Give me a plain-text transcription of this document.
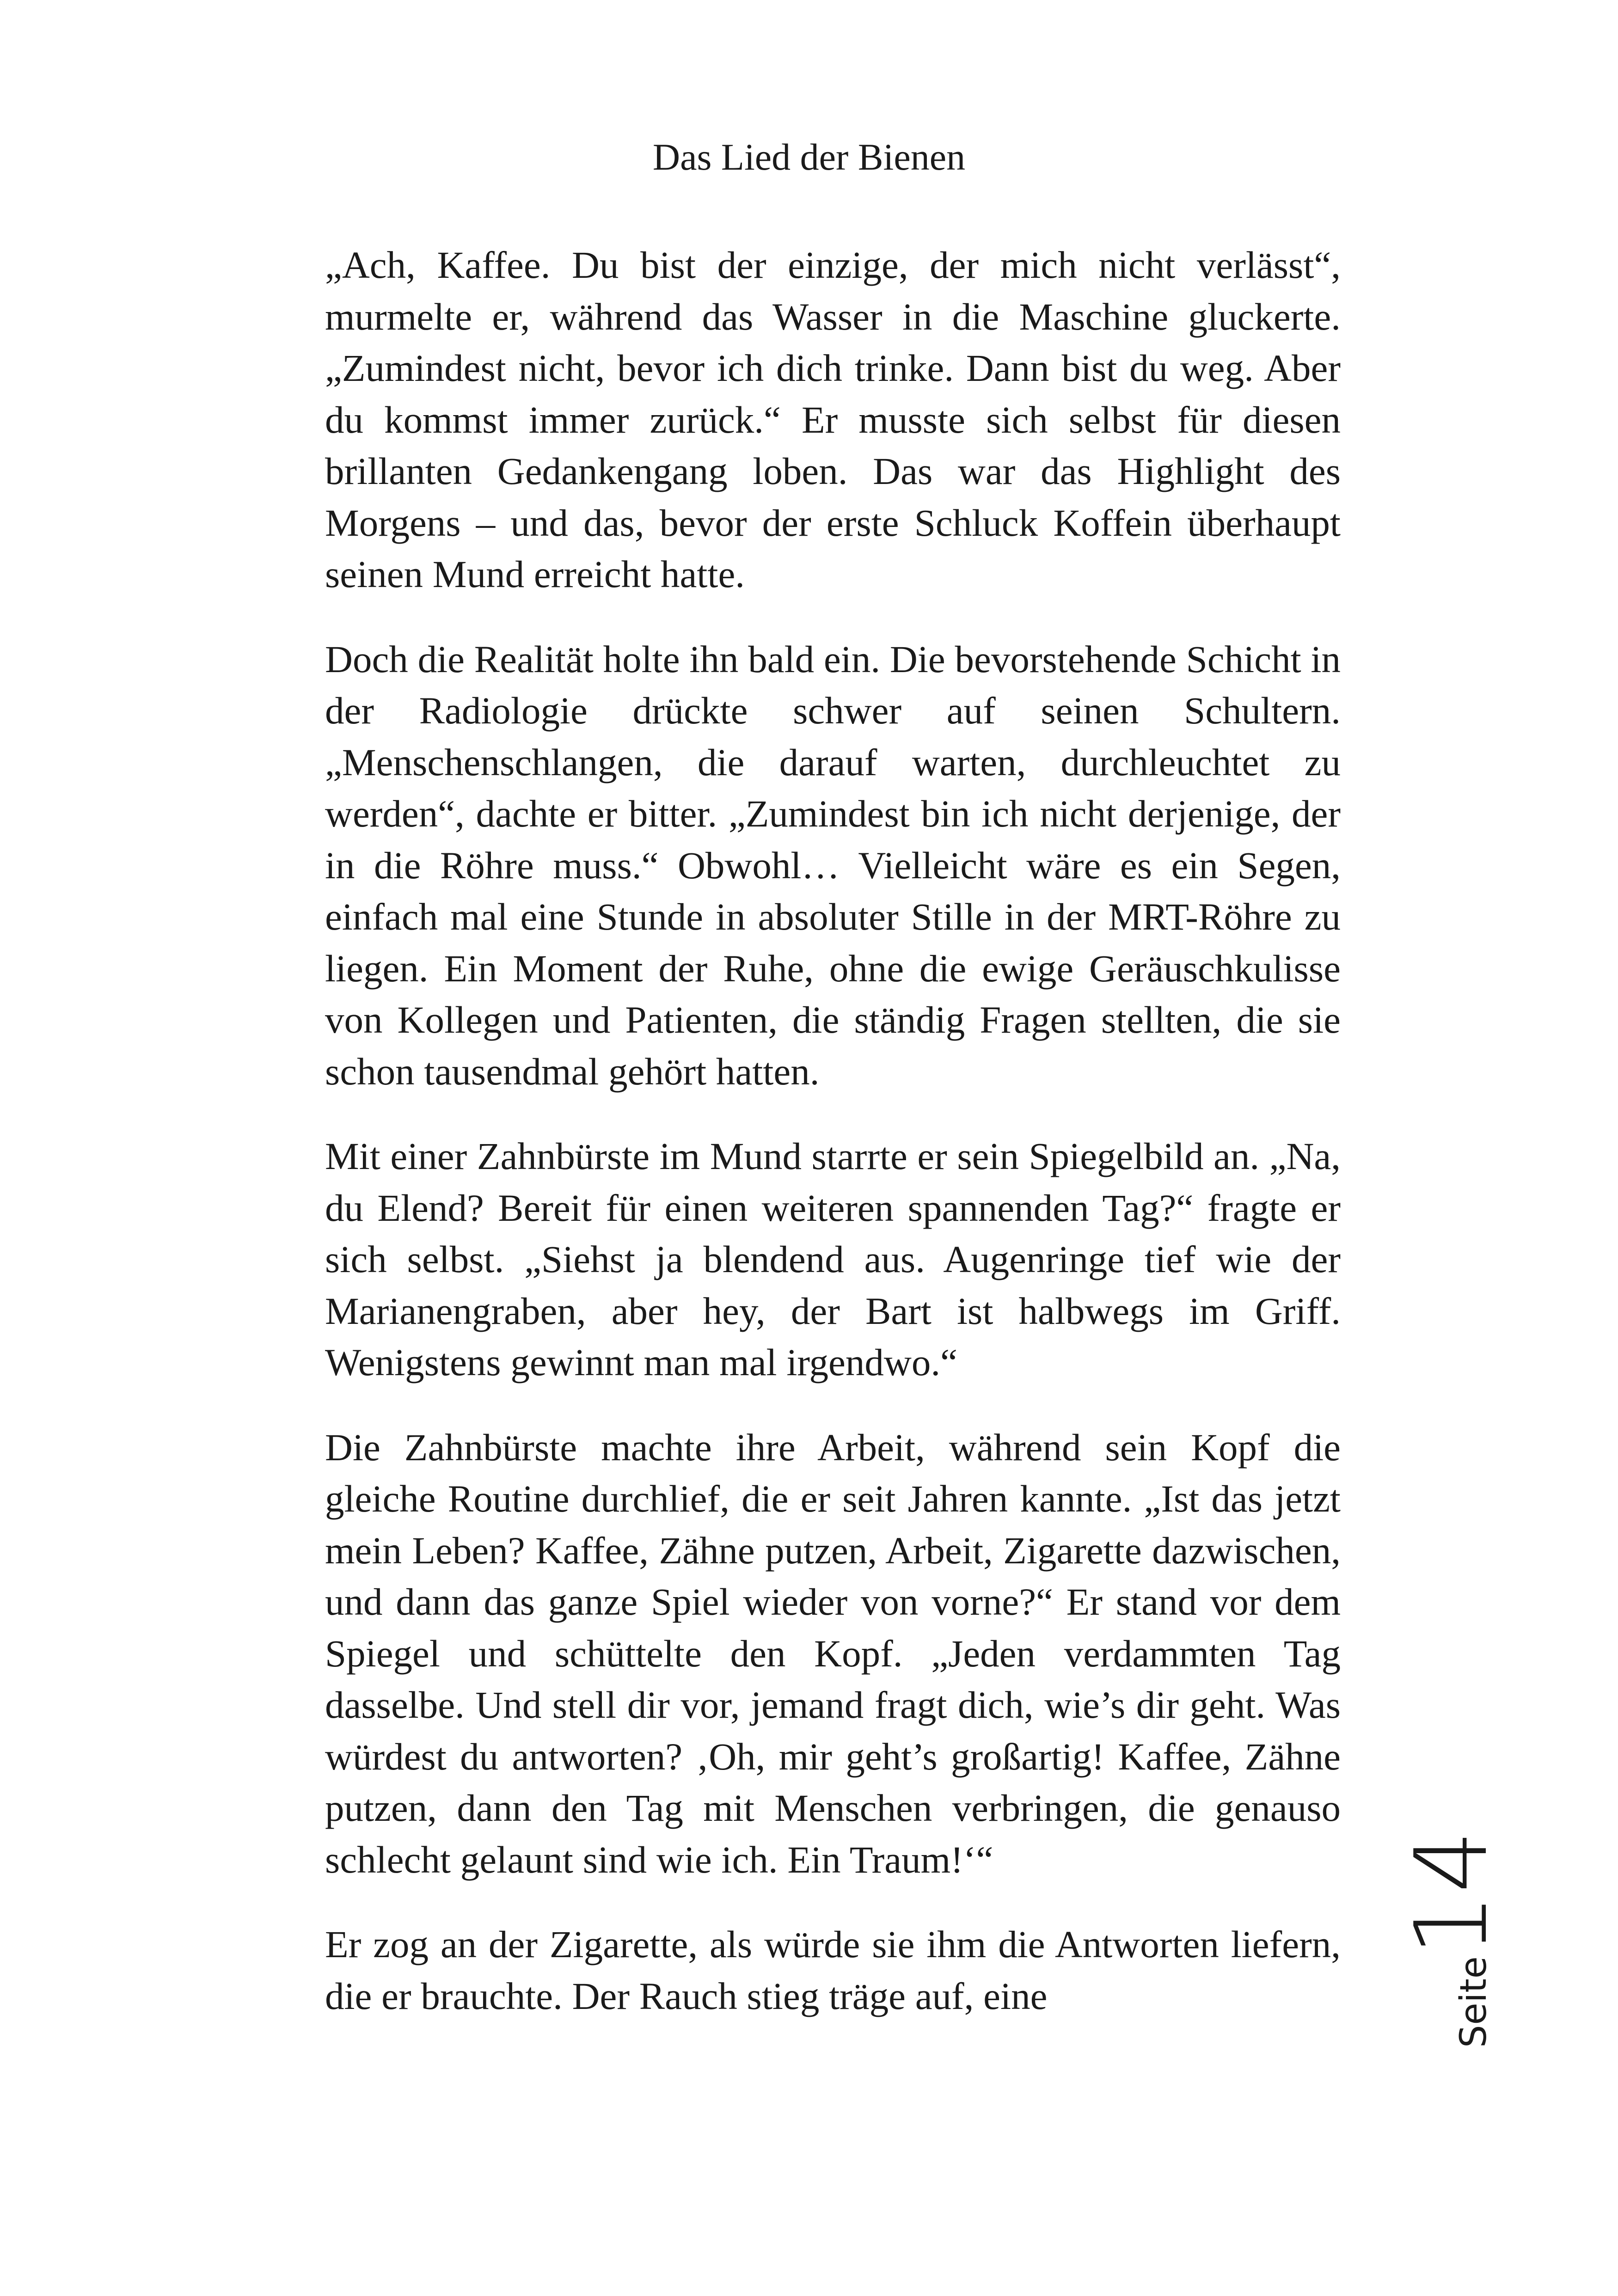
Das Lied der Bienen

„Ach, Kaffee. Du bist der einzige, der mich nicht verlässt“, murmelte er, während das Wasser in die Maschine gluckerte. „Zumindest nicht, bevor ich dich trinke. Dann bist du weg. Aber du kommst immer zurück.“ Er musste sich selbst für diesen brillanten Gedankengang loben. Das war das Highlight des Morgens – und das, bevor der erste Schluck Koffein überhaupt seinen Mund erreicht hatte.

Doch die Realität holte ihn bald ein. Die bevorstehende Schicht in der Radiologie drückte schwer auf seinen Schultern. „Menschenschlangen, die darauf warten, durchleuchtet zu werden“, dachte er bitter. „Zumindest bin ich nicht derjenige, der in die Röhre muss.“ Obwohl… Vielleicht wäre es ein Segen, einfach mal eine Stunde in absoluter Stille in der MRT-Röhre zu liegen. Ein Moment der Ruhe, ohne die ewige Geräuschkulisse von Kollegen und Patienten, die ständig Fragen stellten, die sie schon tausendmal gehört hatten.

Mit einer Zahnbürste im Mund starrte er sein Spiegelbild an. „Na, du Elend? Bereit für einen weiteren spannenden Tag?“ fragte er sich selbst. „Siehst ja blendend aus. Augenringe tief wie der Marianengraben, aber hey, der Bart ist halbwegs im Griff. Wenigstens gewinnt man mal irgendwo.“

Die Zahnbürste machte ihre Arbeit, während sein Kopf die gleiche Routine durchlief, die er seit Jahren kannte. „Ist das jetzt mein Leben? Kaffee, Zähne putzen, Arbeit, Zigarette dazwischen, und dann das ganze Spiel wieder von vorne?“ Er stand vor dem Spiegel und schüttelte den Kopf. „Jeden verdammten Tag dasselbe. Und stell dir vor, jemand fragt dich, wie’s dir geht. Was würdest du antworten? ‚Oh, mir geht’s großartig! Kaffee, Zähne putzen, dann den Tag mit Menschen verbringen, die genauso schlecht gelaunt sind wie ich. Ein Traum!‘“

Er zog an der Zigarette, als würde sie ihm die Antworten liefern, die er brauchte. Der Rauch stieg träge auf, eine	Seite14
